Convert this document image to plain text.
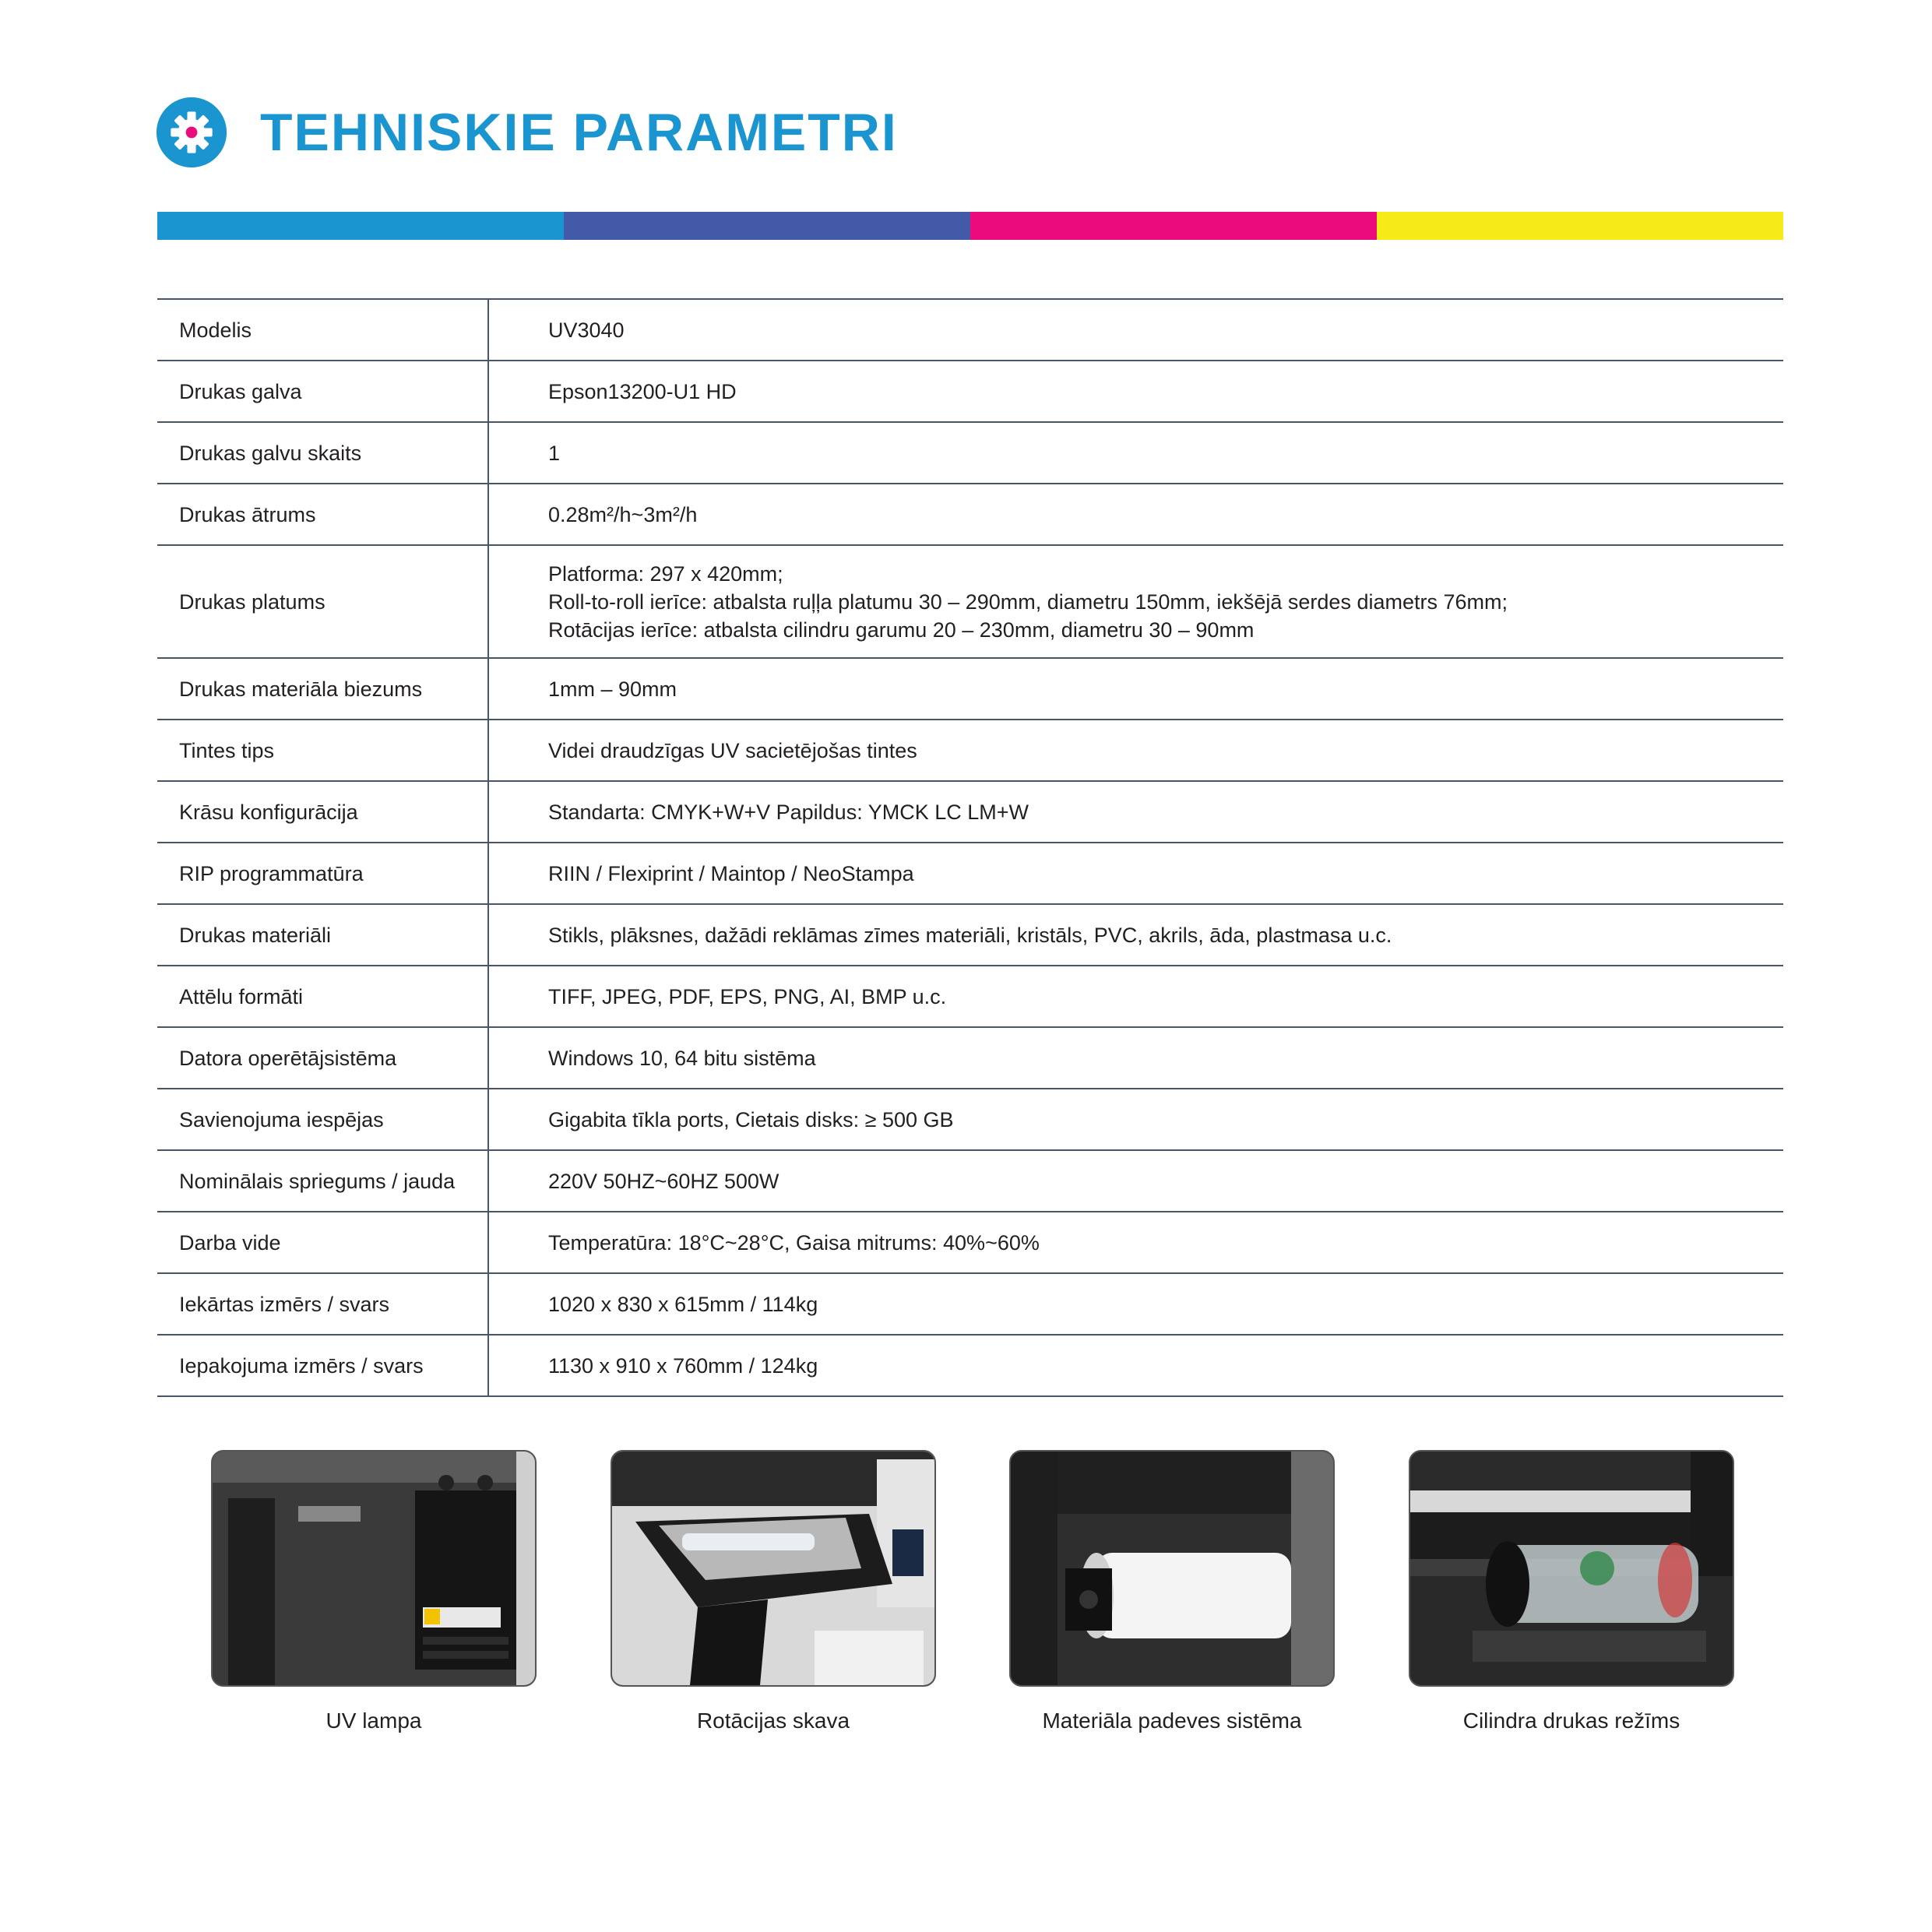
TEHNISKIE PARAMETRI
Modelis	UV3040

Drukas galva	Epson13200-U1 HD

Drukas galvu skaits	1

Drukas ātrums	0.28m²/h~3m²/h

Drukas platums	Platforma: 297 x 420mm;
Roll-to-roll ierīce: atbalsta ruļļa platumu 30 – 290mm, diametru 150mm, iekšējā serdes diametrs 76mm;
Rotācijas ierīce: atbalsta cilindru garumu 20 – 230mm, diametru 30 – 90mm

Drukas materiāla biezums	1mm – 90mm

Tintes tips	Videi draudzīgas UV sacietējošas tintes

Krāsu konfigurācija	Standarta: CMYK+W+V Papildus: YMCK LC LM+W

RIP programmatūra	RIIN / Flexiprint / Maintop / NeoStampa

Drukas materiāli	Stikls, plāksnes, dažādi reklāmas zīmes materiāli, kristāls, PVC, akrils, āda, plastmasa u.c.

Attēlu formāti	TIFF, JPEG, PDF, EPS, PNG, AI, BMP u.c.

Datora operētājsistēma	Windows 10, 64 bitu sistēma

Savienojuma iespējas	Gigabita tīkla ports, Cietais disks: ≥ 500 GB

Nominālais spriegums / jauda	220V 50HZ~60HZ 500W

Darba vide	Temperatūra: 18°C~28°C, Gaisa mitrums: 40%~60%

Iekārtas izmērs / svars	1020 x 830 x 615mm / 114kg

Iepakojuma izmērs / svars	1130 x 910 x 760mm / 124kg
UV lampa	Rotācijas skava	Materiāla padeves sistēma	Cilindra drukas režīms
